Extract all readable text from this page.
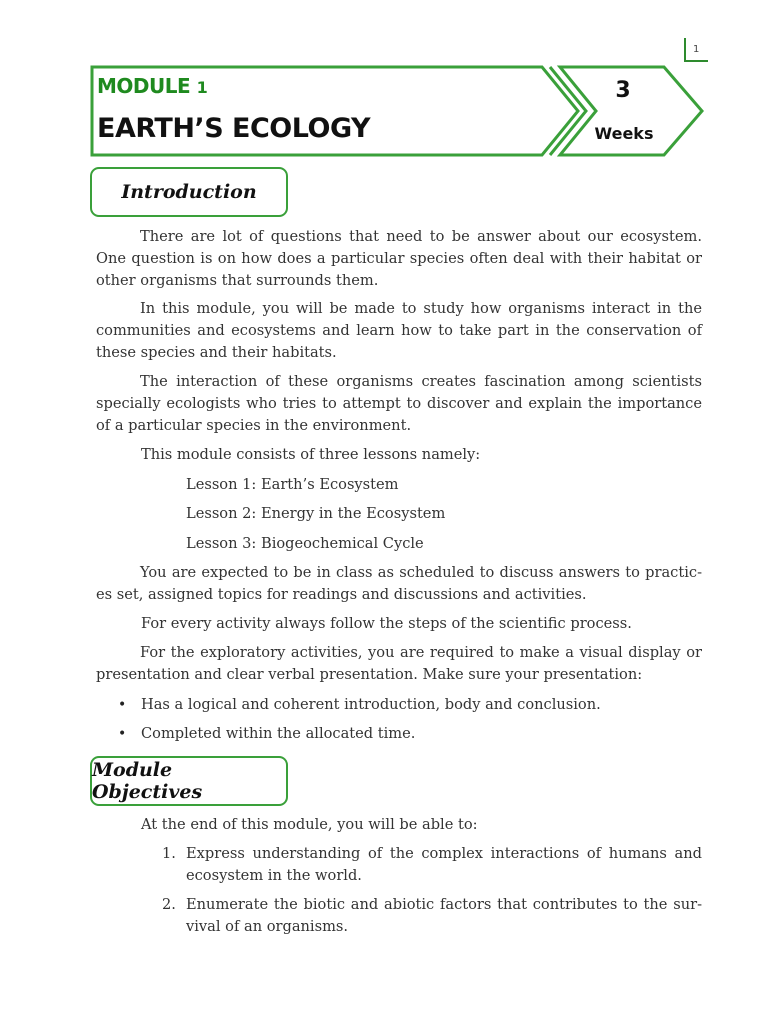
1
MODULE 1
EARTH’S ECOLOGY
3
Weeks
Introduction
There are lot of questions that need to be answer about our ecosystem. One question is on how does a particular species often deal with their habitat or other organisms that surrounds them.
In this module, you will be made to study how organisms interact in the communities and ecosystems and learn how to take part in the conservation of these species and their habitats.
The interaction of these organisms creates fascination among scientists specially ecologists who tries to attempt to discover and explain the importance of a particular species in the environment.
This module consists of three lessons namely:
Lesson 1: Earth’s Ecosystem
Lesson 2: Energy in the Ecosystem
Lesson 3: Biogeochemical Cycle
You are expected to be in class as scheduled to discuss answers to practic-es set, assigned topics for readings and discussions and activities.
For every activity always follow the steps of the scientific process.
For the exploratory activities, you are required to make a visual display or presentation and clear verbal presentation. Make sure your presentation:
• Has a logical and coherent introduction, body and conclusion.
• Completed within the allocated time.
Module Objectives
At the end of this module, you will be able to:
1. Express understanding of the complex interactions of humans and ecosystem in the world.
2. Enumerate the biotic and abiotic factors that contributes to the sur-vival of an organisms.
